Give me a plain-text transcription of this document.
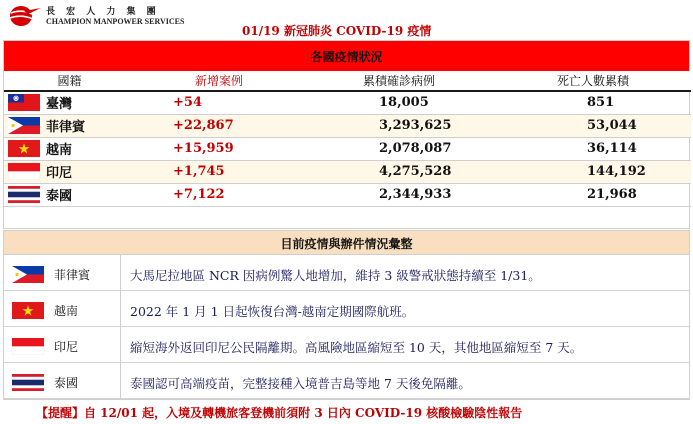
長 宏 人 力 集 團
CHAMPION MANPOWER SERVICES
01/19 新冠肺炎 COVID-19 疫情
各國疫情狀況
國籍	新增案例	累積確診病例	死亡人數累積
臺灣	+54	18,005	851
菲律賓	+22,867	3,293,625	53,044
越南	+15,959	2,078,087	36,114
印尼	+1,745	4,275,528	144,192
泰國	+7,122	2,344,933	21,968
目前疫情與辦件情況彙整
菲律賓	大馬尼拉地區 NCR 因病例驚人地增加，維持 3 級警戒狀態持續至 1/31。
越南	2022 年 1 月 1 日起恢復台灣-越南定期國際航班。
印尼	縮短海外返回印尼公民隔離期。高風險地區縮短至 10 天，其他地區縮短至 7 天。
泰國	泰國認可高端疫苗，完整接種入境普吉島等地 7 天後免隔離。
【提醒】自 12/01 起，入境及轉機旅客登機前須附 3 日內 COVID-19 核酸檢驗陰性報告
